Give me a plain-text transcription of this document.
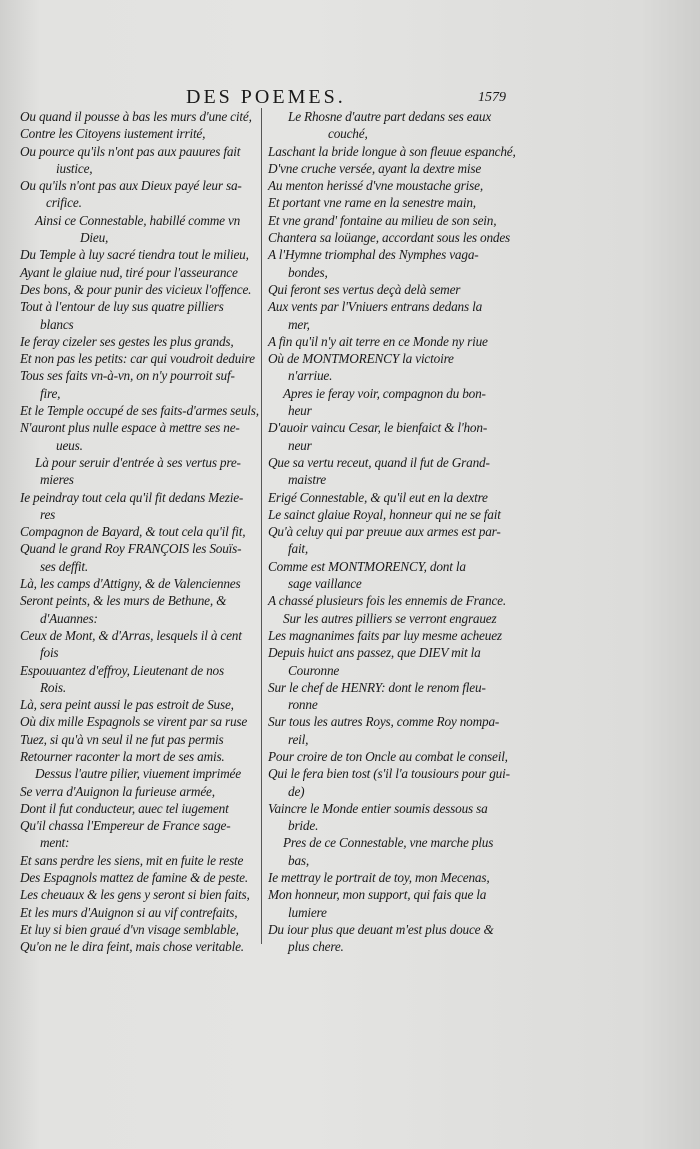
DES POEMES.	1579
Ou quand il pousse à bas les murs d'une cité,
Contre les Citoyens iustement irrité,
Ou pource qu'ils n'ont pas aux pauures fait
iustice,
Ou qu'ils n'ont pas aux Dieux payé leur sa-
crifice.
Ainsi ce Connestable, habillé comme vn
Dieu,
Du Temple à luy sacré tiendra tout le milieu,
Ayant le glaiue nud, tiré pour l'asseurance
Des bons, & pour punir des vicieux l'offence.
Tout à l'entour de luy sus quatre pilliers
blancs
Ie feray cizeler ses gestes les plus grands,
Et non pas les petits: car qui voudroit deduire
Tous ses faits vn-à-vn, on n'y pourroit suf-
fire,
Et le Temple occupé de ses faits-d'armes seuls,
N'auront plus nulle espace à mettre ses ne-
ueus.
Là pour seruir d'entrée à ses vertus pre-
mieres
Ie peindray tout cela qu'il fit dedans Mezie-
res
Compagnon de Bayard, & tout cela qu'il fit,
Quand le grand Roy FRANÇOIS les Souïs-
ses deffit.
Là, les camps d'Attigny, & de Valenciennes
Seront peints, & les murs de Bethune, &
d'Auannes:
Ceux de Mont, & d'Arras, lesquels il à cent
fois
Espouuantez d'effroy, Lieutenant de nos
Rois.
Là, sera peint aussi le pas estroit de Suse,
Où dix mille Espagnols se virent par sa ruse
Tuez, si qu'à vn seul il ne fut pas permis
Retourner raconter la mort de ses amis.
Dessus l'autre pilier, viuement imprimée
Se verra d'Auignon la furieuse armée,
Dont il fut conducteur, auec tel iugement
Qu'il chassa l'Empereur de France sage-
ment:
Et sans perdre les siens, mit en fuite le reste
Des Espagnols mattez de famine & de peste.
Les cheuaux & les gens y seront si bien faits,
Et les murs d'Auignon si au vif contrefaits,
Et luy si bien graué d'vn visage semblable,
Qu'on ne le dira feint, mais chose veritable.
Le Rhosne d'autre part dedans ses eaux
couché,
Laschant la bride longue à son fleuue espanché,
D'vne cruche versée, ayant la dextre mise
Au menton herissé d'vne moustache grise,
Et portant vne rame en la senestre main,
Et vne grand' fontaine au milieu de son sein,
Chantera sa loüange, accordant sous les ondes
A l'Hymne triomphal des Nymphes vaga-
bondes,
Qui feront ses vertus deçà delà semer
Aux vents par l'Vniuers entrans dedans la
mer,
A fin qu'il n'y ait terre en ce Monde ny riue
Où de MONTMORENCY la victoire
n'arriue.
Apres ie feray voir, compagnon du bon-
heur
D'auoir vaincu Cesar, le bienfaict & l'hon-
neur
Que sa vertu receut, quand il fut de Grand-
maistre
Erigé Connestable, & qu'il eut en la dextre
Le sainct glaiue Royal, honneur qui ne se fait
Qu'à celuy qui par preuue aux armes est par-
fait,
Comme est MONTMORENCY, dont la
sage vaillance
A chassé plusieurs fois les ennemis de France.
Sur les autres pilliers se verront engrauez
Les magnanimes faits par luy mesme acheuez
Depuis huict ans passez, que DIEV mit la
Couronne
Sur le chef de HENRY: dont le renom fleu-
ronne
Sur tous les autres Roys, comme Roy nompa-
reil,
Pour croire de ton Oncle au combat le conseil,
Qui le fera bien tost (s'il l'a tousiours pour gui-
de)
Vaincre le Monde entier soumis dessous sa
bride.
Pres de ce Connestable, vne marche plus
bas,
Ie mettray le portrait de toy, mon Mecenas,
Mon honneur, mon support, qui fais que la
lumiere
Du iour plus que deuant m'est plus douce &
plus chere.
